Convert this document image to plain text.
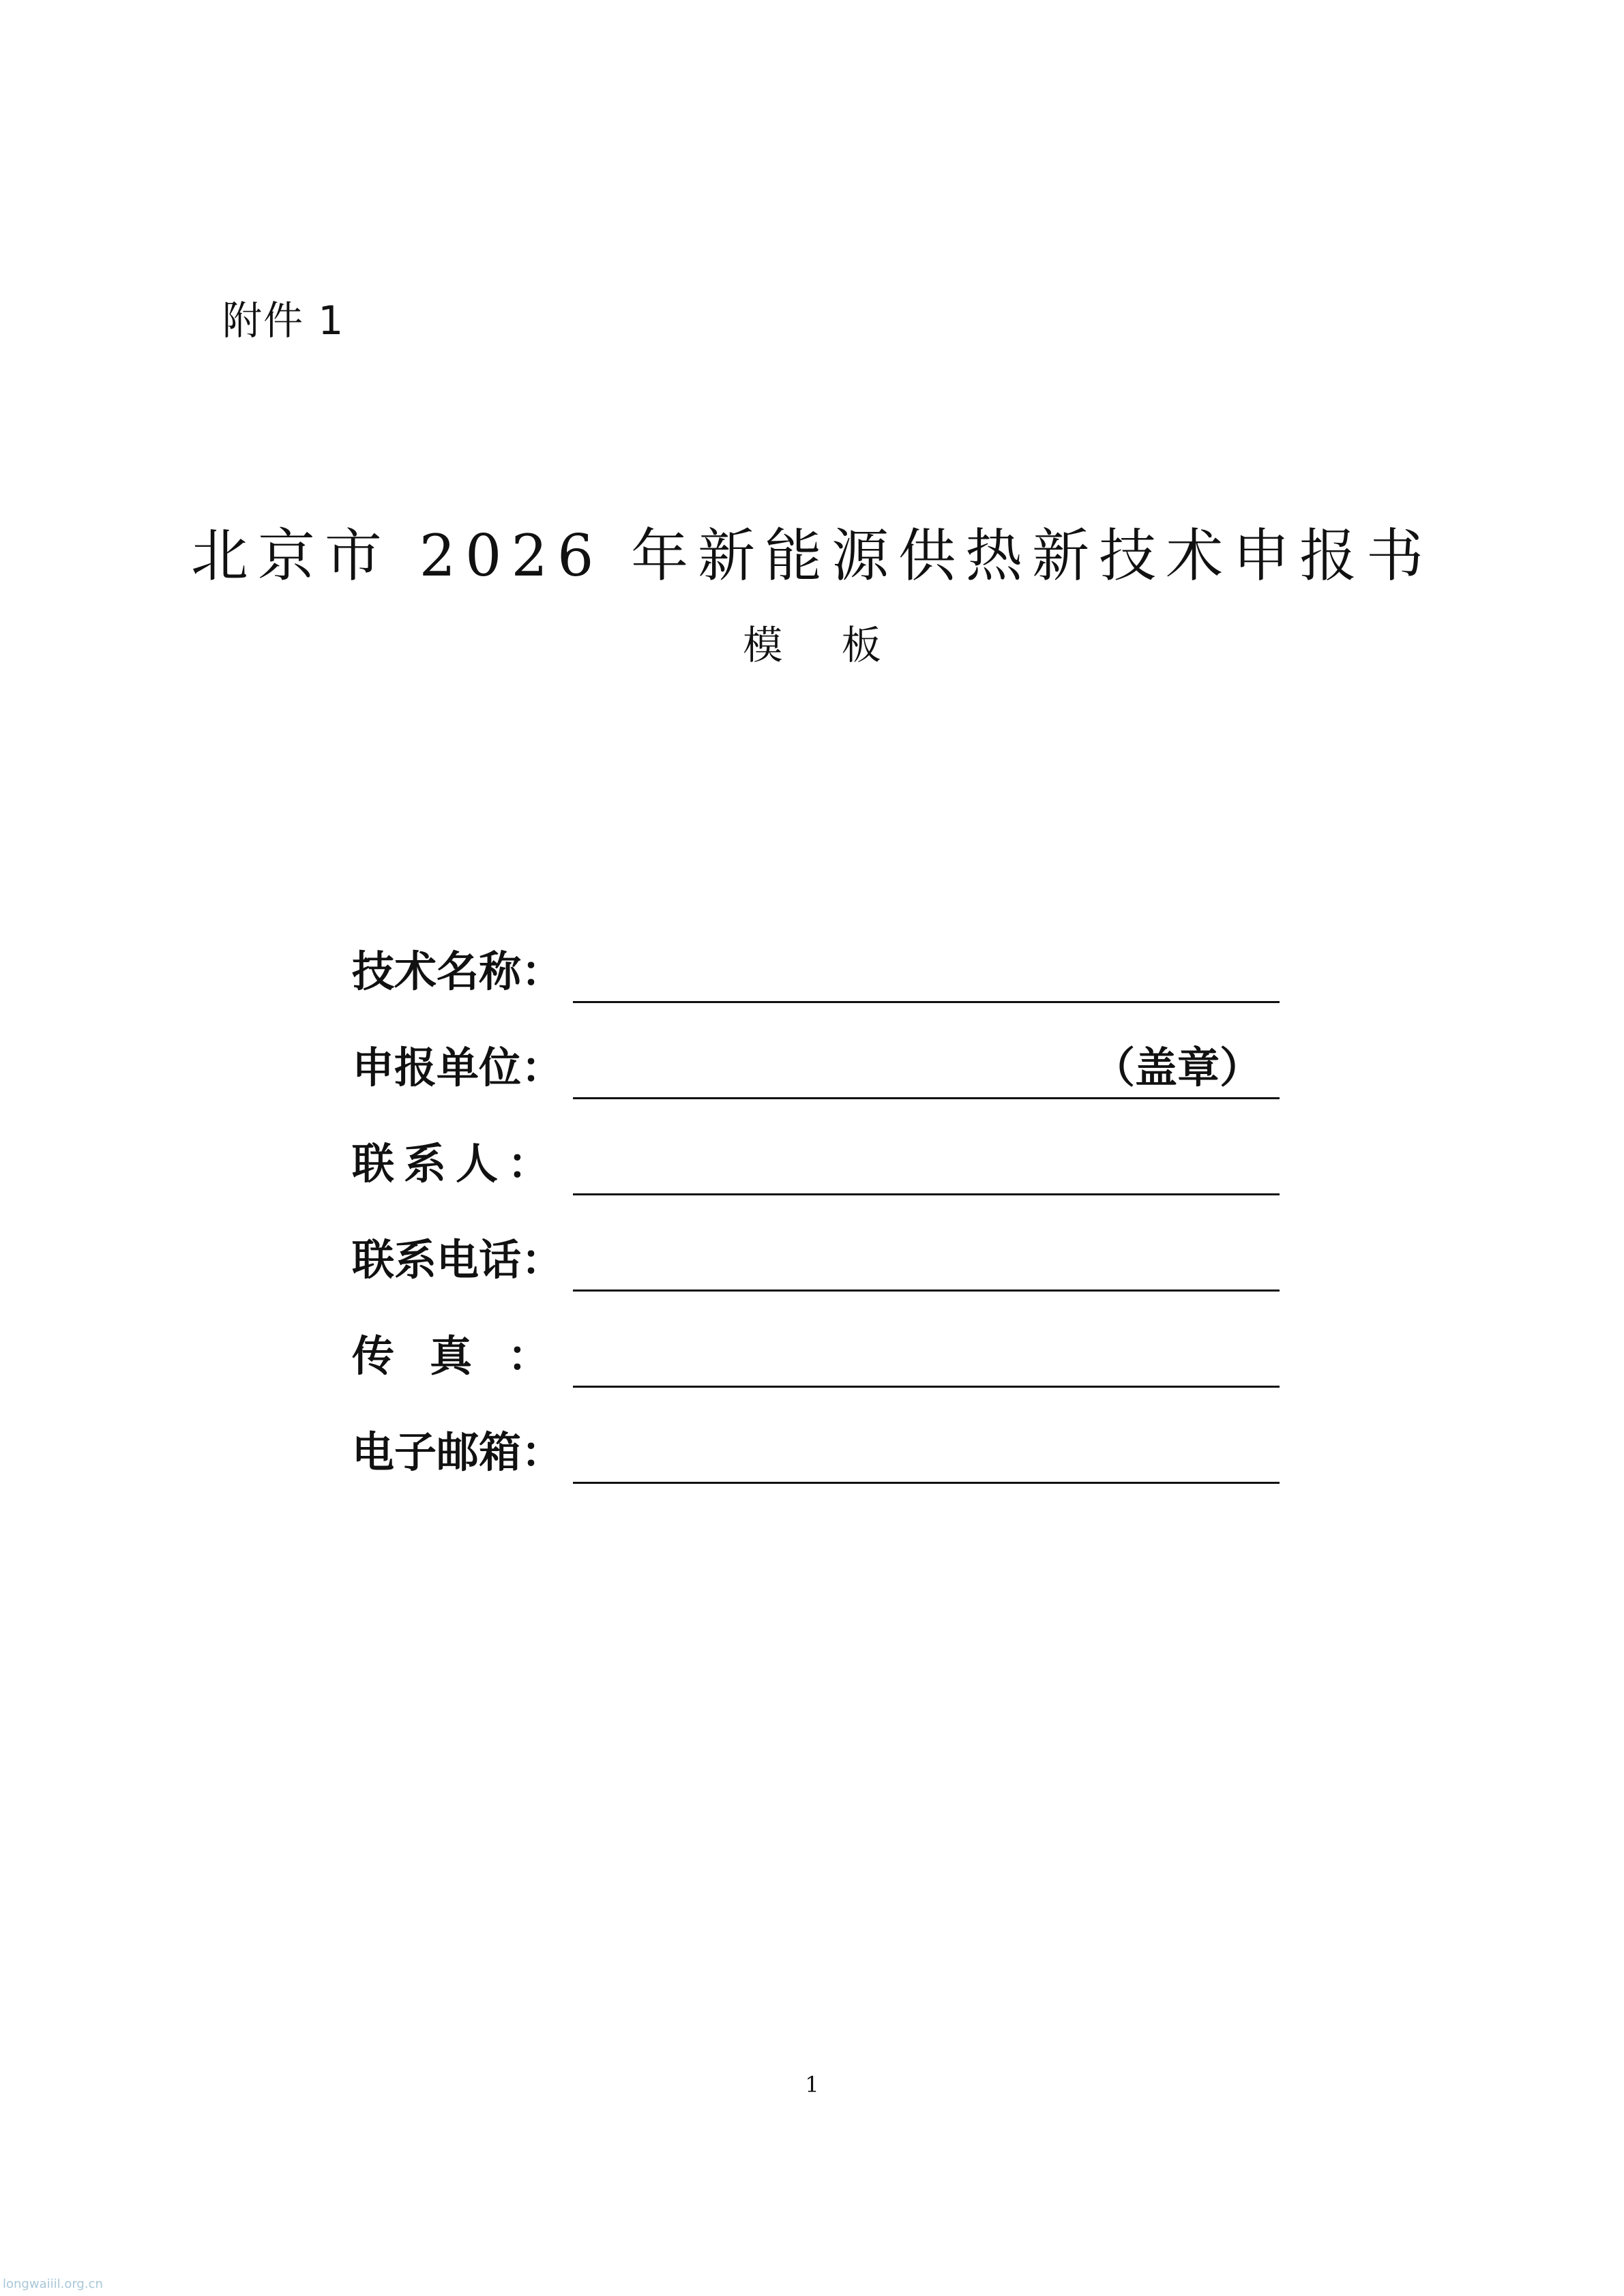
附件 1
北京市 2026 年新能源供热新技术申报书
模 板
技 术 名 称 ：
申 报 单 位 ：	（盖章）
联 系 人 ：
联 系 电 话 ：
传 真 ：
电 子 邮 箱 ：
1
longwaiiil.org.cn
